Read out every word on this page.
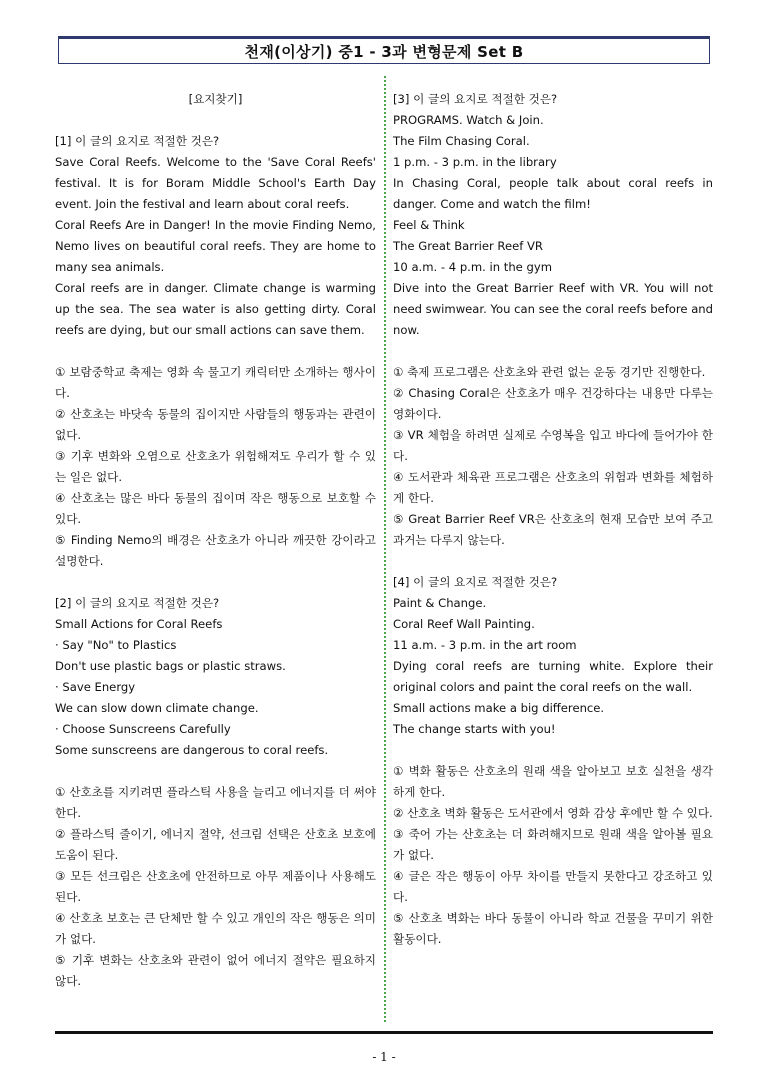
천재(이상기) 중1 - 3과 변형문제 Set B

[요지찾기]

[1] 이 글의 요지로 적절한 것은?

Save Coral Reefs. Welcome to the 'Save Coral Reefs' festival. It is for Boram Middle School's Earth Day event. Join the festival and learn about coral reefs.

Coral Reefs Are in Danger! In the movie Finding Nemo, Nemo lives on beautiful coral reefs. They are home to many sea animals.

Coral reefs are in danger. Climate change is warming up the sea. The sea water is also getting dirty. Coral reefs are dying, but our small actions can save them.

① 보람중학교 축제는 영화 속 물고기 캐릭터만 소개하는 행사이다.

② 산호초는 바닷속 동물의 집이지만 사람들의 행동과는 관련이 없다.

③ 기후 변화와 오염으로 산호초가 위험해져도 우리가 할 수 있는 일은 없다.

④ 산호초는 많은 바다 동물의 집이며 작은 행동으로 보호할 수 있다.

⑤ Finding Nemo의 배경은 산호초가 아니라 깨끗한 강이라고 설명한다.

[2] 이 글의 요지로 적절한 것은?

Small Actions for Coral Reefs

· Say "No" to Plastics

Don't use plastic bags or plastic straws.

· Save Energy

We can slow down climate change.

· Choose Sunscreens Carefully

Some sunscreens are dangerous to coral reefs.

① 산호초를 지키려면 플라스틱 사용을 늘리고 에너지를 더 써야 한다.

② 플라스틱 줄이기, 에너지 절약, 선크림 선택은 산호초 보호에 도움이 된다.

③ 모든 선크림은 산호초에 안전하므로 아무 제품이나 사용해도 된다.

④ 산호초 보호는 큰 단체만 할 수 있고 개인의 작은 행동은 의미가 없다.

⑤ 기후 변화는 산호초와 관련이 없어 에너지 절약은 필요하지 않다.

[3] 이 글의 요지로 적절한 것은?

PROGRAMS. Watch & Join.

The Film Chasing Coral.

1 p.m. - 3 p.m. in the library

In Chasing Coral, people talk about coral reefs in danger. Come and watch the film!

Feel & Think

The Great Barrier Reef VR

10 a.m. - 4 p.m. in the gym

Dive into the Great Barrier Reef with VR. You will not need swimwear. You can see the coral reefs before and now.

① 축제 프로그램은 산호초와 관련 없는 운동 경기만 진행한다.

② Chasing Coral은 산호초가 매우 건강하다는 내용만 다루는 영화이다.

③ VR 체험을 하려면 실제로 수영복을 입고 바다에 들어가야 한다.

④ 도서관과 체육관 프로그램은 산호초의 위험과 변화를 체험하게 한다.

⑤ Great Barrier Reef VR은 산호초의 현재 모습만 보여 주고 과거는 다루지 않는다.

[4] 이 글의 요지로 적절한 것은?

Paint & Change.

Coral Reef Wall Painting.

11 a.m. - 3 p.m. in the art room

Dying coral reefs are turning white. Explore their original colors and paint the coral reefs on the wall.

Small actions make a big difference.

The change starts with you!

① 벽화 활동은 산호초의 원래 색을 알아보고 보호 실천을 생각하게 한다.

② 산호초 벽화 활동은 도서관에서 영화 감상 후에만 할 수 있다.

③ 죽어 가는 산호초는 더 화려해지므로 원래 색을 알아볼 필요가 없다.

④ 글은 작은 행동이 아무 차이를 만들지 못한다고 강조하고 있다.

⑤ 산호초 벽화는 바다 동물이 아니라 학교 건물을 꾸미기 위한 활동이다.

- 1 -
